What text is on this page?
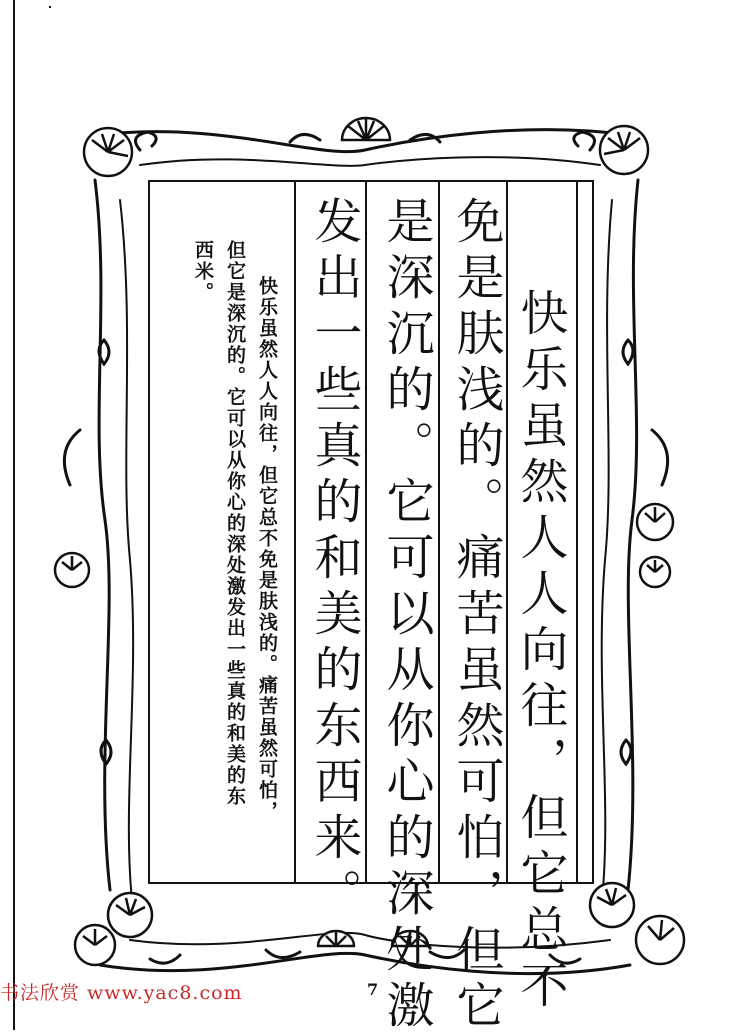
快乐虽然人人向往，但它总不
免是肤浅的。痛苦虽然可怕，但它
是深沉的。它可以从你心的深处激
发出一些真的和美的东西来。
快乐虽然人人向往，但它总不免是肤浅的。痛苦虽然可怕，
但它是深沉的。它可以从你心的深处激发出一些真的和美的东
西米。
书法欣赏 www.yac8.com	7
